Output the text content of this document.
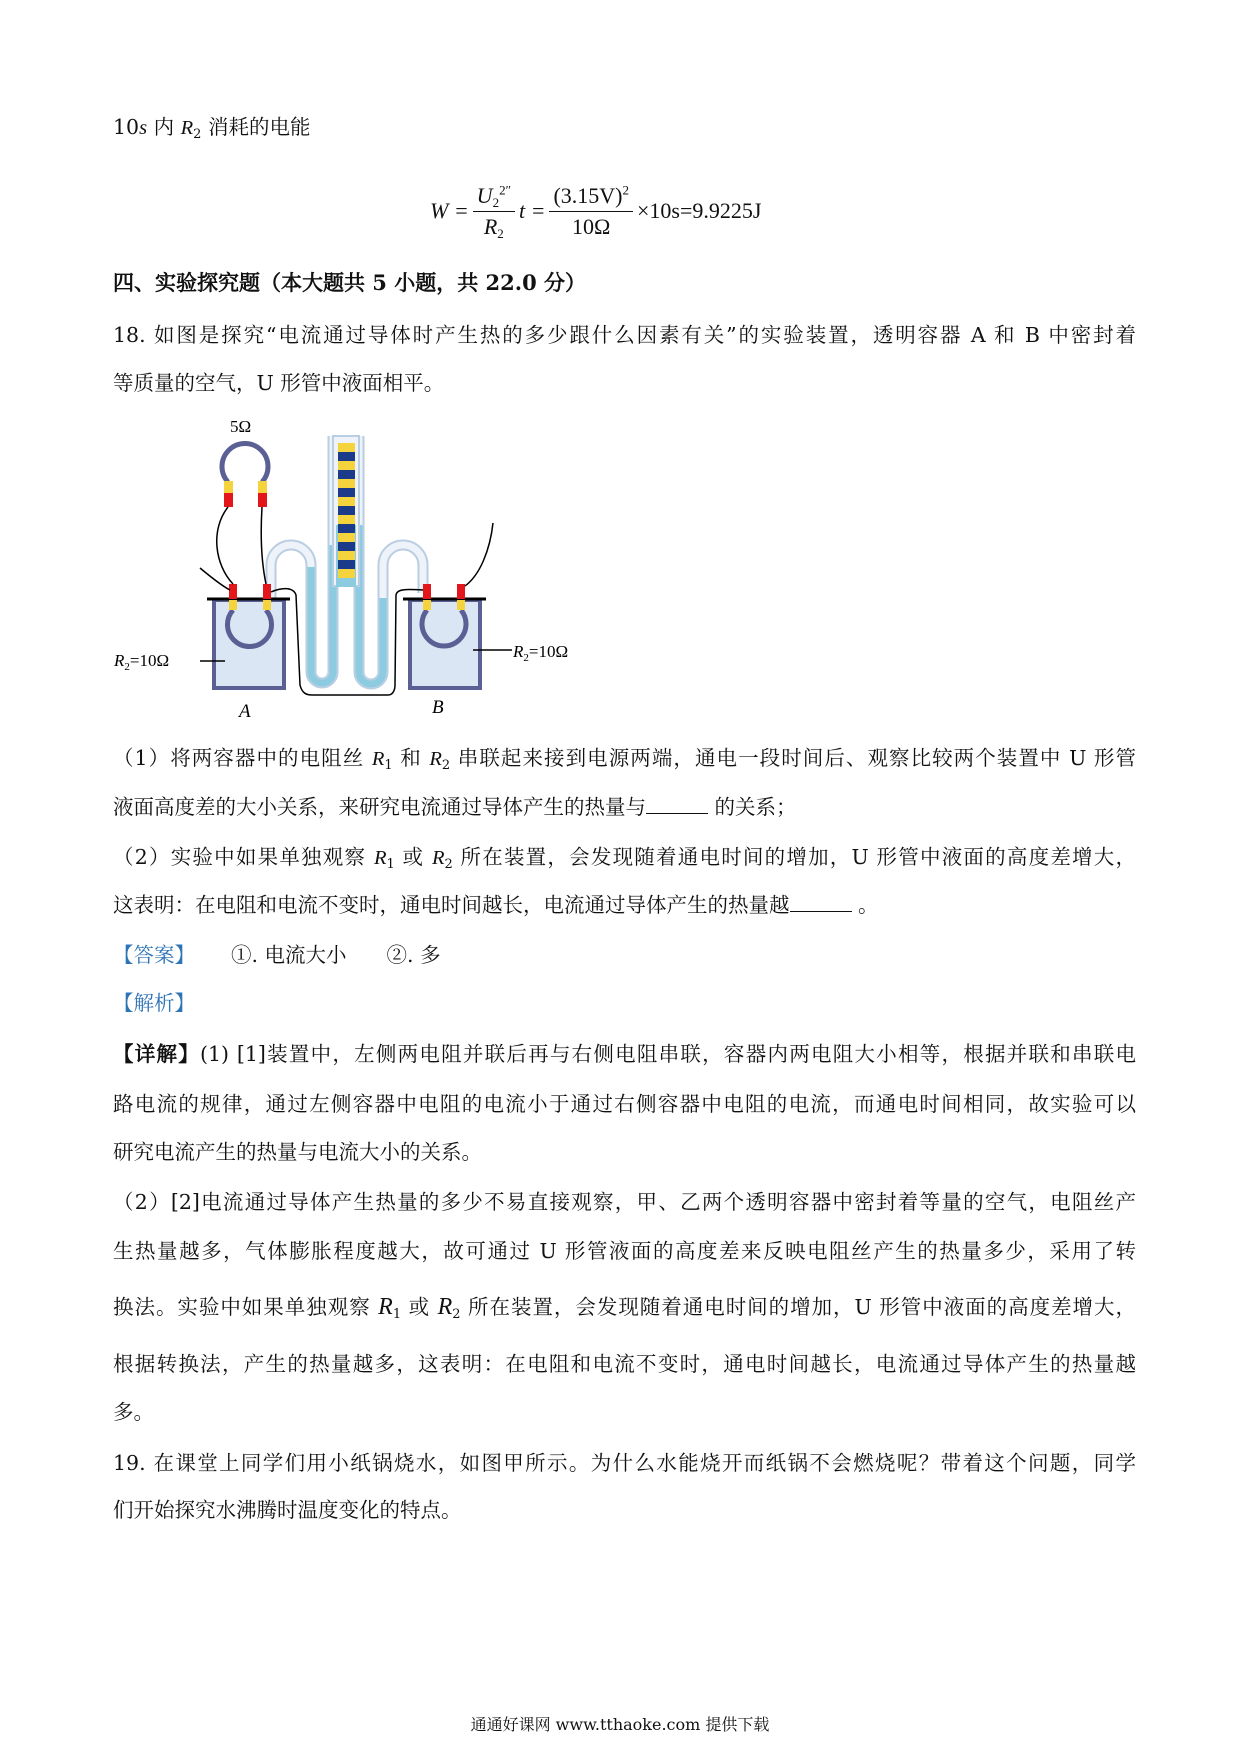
10s 内 $R_2$ 消耗的电能
$W = \frac{U_2^{2''}}{R_2}$ $t = \frac{(3.15V)^2}{10\Omega} \times 10s=9.9225J$
四、实验探究题（本大题共 5 小题，共 22.0 分）
18. 如图是探究“电流通过导体时产生热的多少跟什么因素有关”的实验装置，透明容器 A 和 B 中密封着
等质量的空气，U 形管中液面相平。
5Ω
$R_2=10\Omega$	$R_2=10\Omega$
A	B
（1）将两容器中的电阻丝 $R_1$ 和 $R_2$ 串联起来接到电源两端，通电一段时间后、观察比较两个装置中 U 形管
液面高度差的大小关系，来研究电流通过导体产生的热量与	的关系；
（2）实验中如果单独观察 $R_1$ 或 $R_2$ 所在装置，会发现随着通电时间的增加，U 形管中液面的高度差增大，
这表明：在电阻和电流不变时，通电时间越长，电流通过导体产生的热量越	。
【答案】 ①. 电流大小 ②. 多
【解析】
【详解】(1) [1]装置中，左侧两电阻并联后再与右侧电阻串联，容器内两电阻大小相等，根据并联和串联电
路电流的规律，通过左侧容器中电阻的电流小于通过右侧容器中电阻的电流，而通电时间相同，故实验可以
研究电流产生的热量与电流大小的关系。
（2）[2]电流通过导体产生热量的多少不易直接观察，甲、乙两个透明容器中密封着等量的空气，电阻丝产
生热量越多，气体膨胀程度越大，故可通过 U 形管液面的高度差来反映电阻丝产生的热量多少，采用了转
换法。实验中如果单独观察 $R_1$ 或 $R_2$ 所在装置，会发现随着通电时间的增加，U 形管中液面的高度差增大，
根据转换法，产生的热量越多，这表明：在电阻和电流不变时，通电时间越长，电流通过导体产生的热量越
多。
19. 在课堂上同学们用小纸锅烧水，如图甲所示。为什么水能烧开而纸锅不会燃烧呢？带着这个问题，同学
们开始探究水沸腾时温度变化的特点。
通通好课网 www.tthaoke.com 提供下载
